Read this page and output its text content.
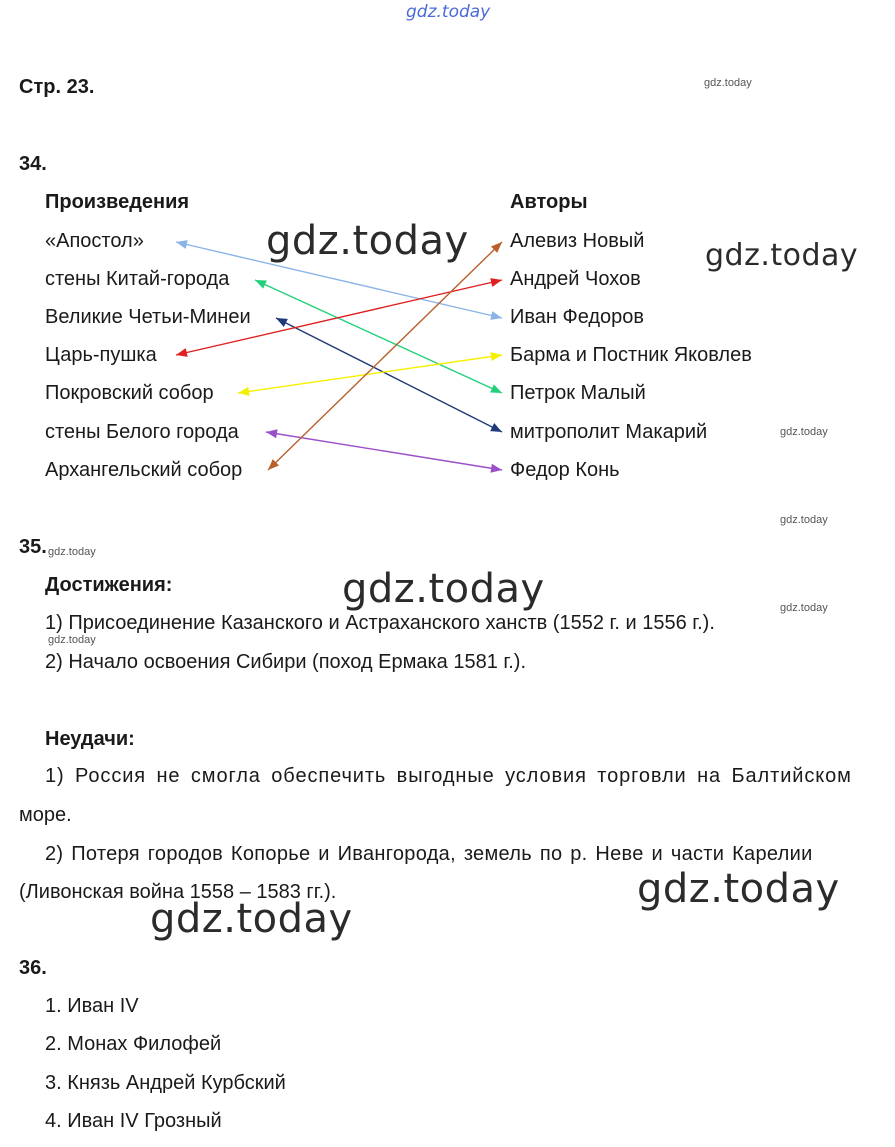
gdz.today
gdz.today
gdz.today
gdz.today
gdz.today
gdz.today
gdz.today
gdz.today	gdz.today
gdz.today
gdz.today
gdz.today
Стр. 23.
34.
Произведения	Авторы
«Апостол»
стены Китай-города
Великие Четьи-Минеи
Царь-пушка
Покровский собор
стены Белого города
Архангельский собор
Алевиз Новый
Андрей Чохов
Иван Федоров
Барма и Постник Яковлев
Петрок Малый
митрополит Макарий
Федор Конь
35.
Достижения:
1) Присоединение Казанского и Астраханского ханств (1552 г. и 1556 г.).
2) Начало освоения Сибири (поход Ермака 1581 г.).
Неудачи:
1) Россия не смогла обеспечить выгодные условия торговли на Балтийском
море.
2) Потеря городов Копорье и Ивангорода, земель по р. Неве и части Карелии
(Ливонская война 1558 – 1583 гг.).
36.
1. Иван IV
2. Монах Филофей
3. Князь Андрей Курбский
4. Иван IV Грозный
